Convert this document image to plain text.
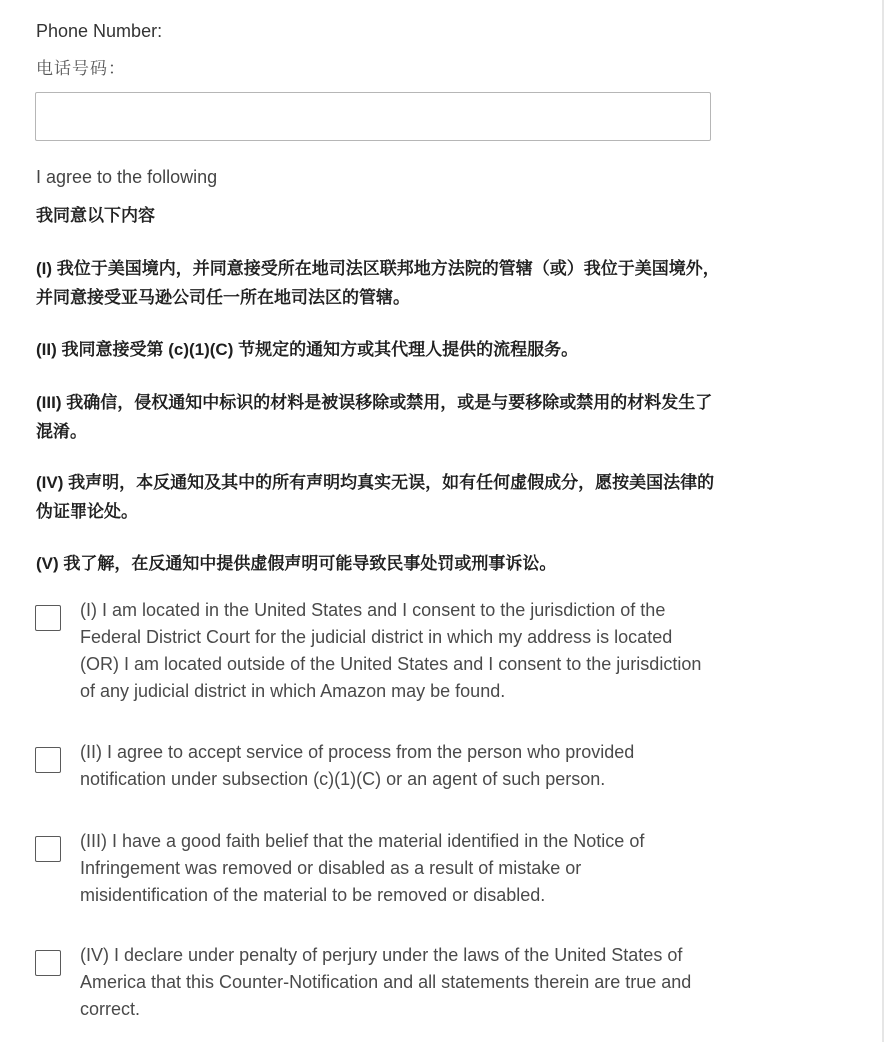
Phone Number:
电话号码：
I agree to the following
我同意以下内容
(I) 我位于美国境内，并同意接受所在地司法区联邦地方法院的管辖（或）我位于美国境外，并同意接受亚马逊公司任一所在地司法区的管辖。
(II) 我同意接受第 (c)(1)(C) 节规定的通知方或其代理人提供的流程服务。
(III) 我确信，侵权通知中标识的材料是被误移除或禁用，或是与要移除或禁用的材料发生了混淆。
(IV) 我声明，本反通知及其中的所有声明均真实无误，如有任何虚假成分，愿按美国法律的伪证罪论处。
(V) 我了解，在反通知中提供虚假声明可能导致民事处罚或刑事诉讼。
(I) I am located in the United States and I consent to the jurisdiction of the Federal District Court for the judicial district in which my address is located (OR) I am located outside of the United States and I consent to the jurisdiction of any judicial district in which Amazon may be found.
(II) I agree to accept service of process from the person who provided notification under subsection (c)(1)(C) or an agent of such person.
(III) I have a good faith belief that the material identified in the Notice of Infringement was removed or disabled as a result of mistake or misidentification of the material to be removed or disabled.
(IV) I declare under penalty of perjury under the laws of the United States of America that this Counter-Notification and all statements therein are true and correct.
